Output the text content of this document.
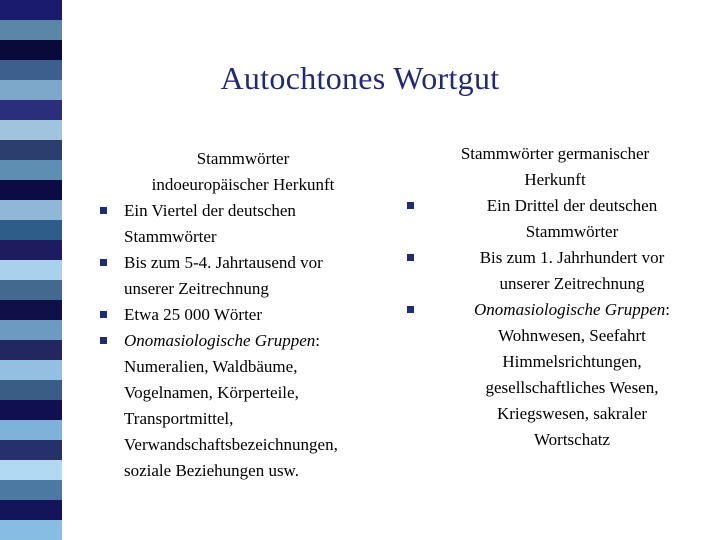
Autochtones Wortgut
Stammwörter
indoeuropäischer Herkunft
Ein Viertel der deutschen
Stammwörter
Bis zum 5-4. Jahrtausend vor
unserer Zeitrechnung
Etwa 25 000 Wörter
Onomasiologische Gruppen:
Numeralien, Waldbäume,
Vogelnamen, Körperteile,
Transportmittel,
Verwandschaftsbezeichnungen,
soziale Beziehungen usw.
Stammwörter germanischer
Herkunft
Ein Drittel der deutschen
Stammwörter
Bis zum 1. Jahrhundert vor
unserer Zeitrechnung
Onomasiologische Gruppen:
Wohnwesen, Seefahrt
Himmelsrichtungen,
gesellschaftliches Wesen,
Kriegswesen, sakraler
Wortschatz
